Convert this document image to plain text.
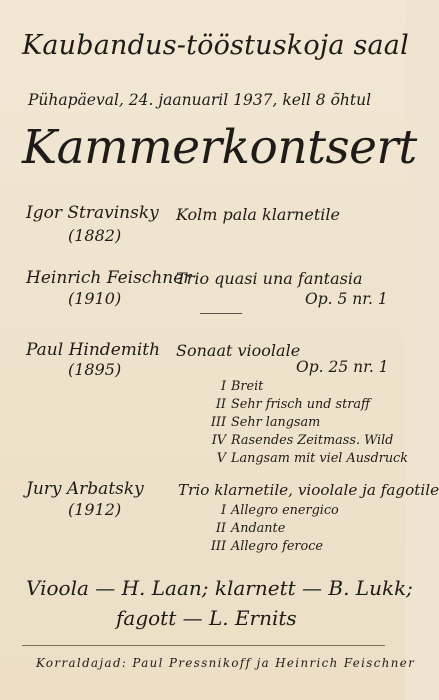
Kaubandus-tööstuskoja saal
Pühapäeval, 24. jaanuaril 1937, kell 8 õhtul
Kammerkontsert
Igor Stravinsky
(1882)
Kolm pala klarnetile
Heinrich Feischner
(1910)
Trio quasi una fantasia
Op. 5 nr. 1
Paul Hindemith
(1895)
Sonaat vioolale
Op. 25 nr. 1
I Breit
II Sehr frisch und straff
III Sehr langsam
IV Rasendes Zeitmass. Wild
V Langsam mit viel Ausdruck
Jury Arbatsky
(1912)
Trio klarnetile, vioolale ja fagotile
I Allegro energico
II Andante
III Allegro feroce
Vioola — H. Laan; klarnett — B. Lukk;
fagott — L. Ernits
Korraldajad: Paul Pressnikoff ja Heinrich Feischner
